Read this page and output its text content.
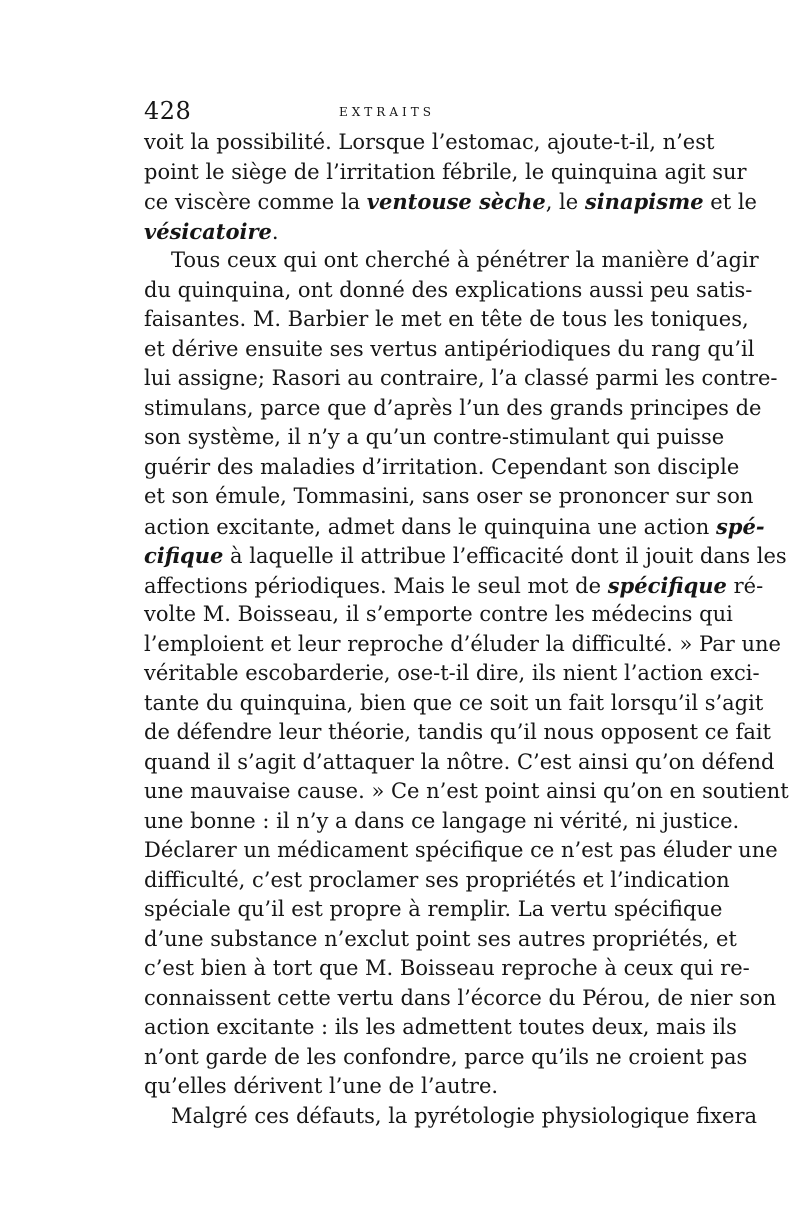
428	EXTRAITS
voit la possibilité. Lorsque l’estomac, ajoute-t-il, n’est
point le siège de l’irritation fébrile, le quinquina agit sur
ce viscère comme la ventouse sèche, le sinapisme et le
vésicatoire.
Tous ceux qui ont cherché à pénétrer la manière d’agir
du quinquina, ont donné des explications aussi peu satis-
faisantes. M. Barbier le met en tête de tous les toniques,
et dérive ensuite ses vertus antipériodiques du rang qu’il
lui assigne; Rasori au contraire, l’a classé parmi les contre-
stimulans, parce que d’après l’un des grands principes de
son système, il n’y a qu’un contre-stimulant qui puisse
guérir des maladies d’irritation. Cependant son disciple
et son émule, Tommasini, sans oser se prononcer sur son
action excitante, admet dans le quinquina une action spé-
cifique à laquelle il attribue l’efficacité dont il jouit dans les
affections périodiques. Mais le seul mot de spécifique ré-
volte M. Boisseau, il s’emporte contre les médecins qui
l’emploient et leur reproche d’éluder la difficulté. » Par une
véritable escobarderie, ose-t-il dire, ils nient l’action exci-
tante du quinquina, bien que ce soit un fait lorsqu’il s’agit
de défendre leur théorie, tandis qu’il nous opposent ce fait
quand il s’agit d’attaquer la nôtre. C’est ainsi qu’on défend
une mauvaise cause. » Ce n’est point ainsi qu’on en soutient
une bonne : il n’y a dans ce langage ni vérité, ni justice.
Déclarer un médicament spécifique ce n’est pas éluder une
difficulté, c’est proclamer ses propriétés et l’indication
spéciale qu’il est propre à remplir. La vertu spécifique
d’une substance n’exclut point ses autres propriétés, et
c’est bien à tort que M. Boisseau reproche à ceux qui re-
connaissent cette vertu dans l’écorce du Pérou, de nier son
action excitante : ils les admettent toutes deux, mais ils
n’ont garde de les confondre, parce qu’ils ne croient pas
qu’elles dérivent l’une de l’autre.
Malgré ces défauts, la pyrétologie physiologique fixera
